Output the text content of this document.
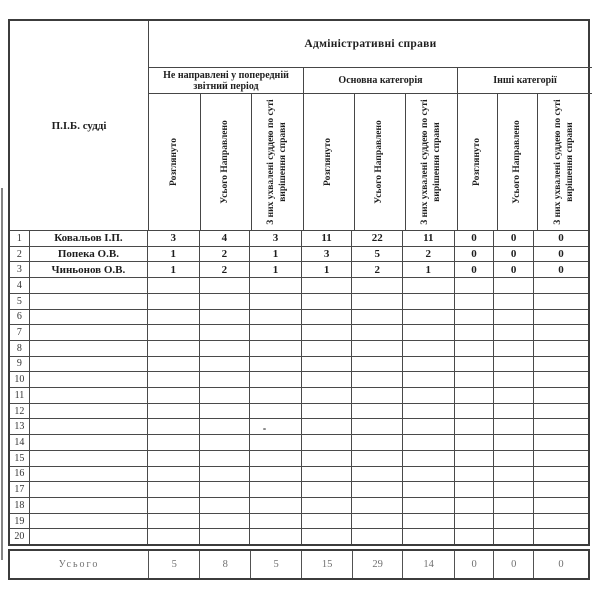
П.І.Б. судді
Адміністративні справи
Не направлені у попередній звітний період	Основна категорія	Інші категорії
Розглянуто	Усього Направлено	З них ухвалені суддею по суті вирішення справи	Розглянуто	Усього Направлено	З них ухвалені суддею по суті вирішення справи	Розглянуто	Усього Направлено	З них ухвалені суддею по суті вирішення справи
1	Ковальов І.П.	3	4	3	11	22	11	0	0	0
2	Попека О.В.	1	2	1	3	5	2	0	0	0
3	Чиньонов О.В.	1	2	1	1	2	1	0	0	0
4
5
6
7
8
9
10
11
12
13
14
15
16
17
18
19
20
Усього	5	8	5	15	29	14	0	0	0
